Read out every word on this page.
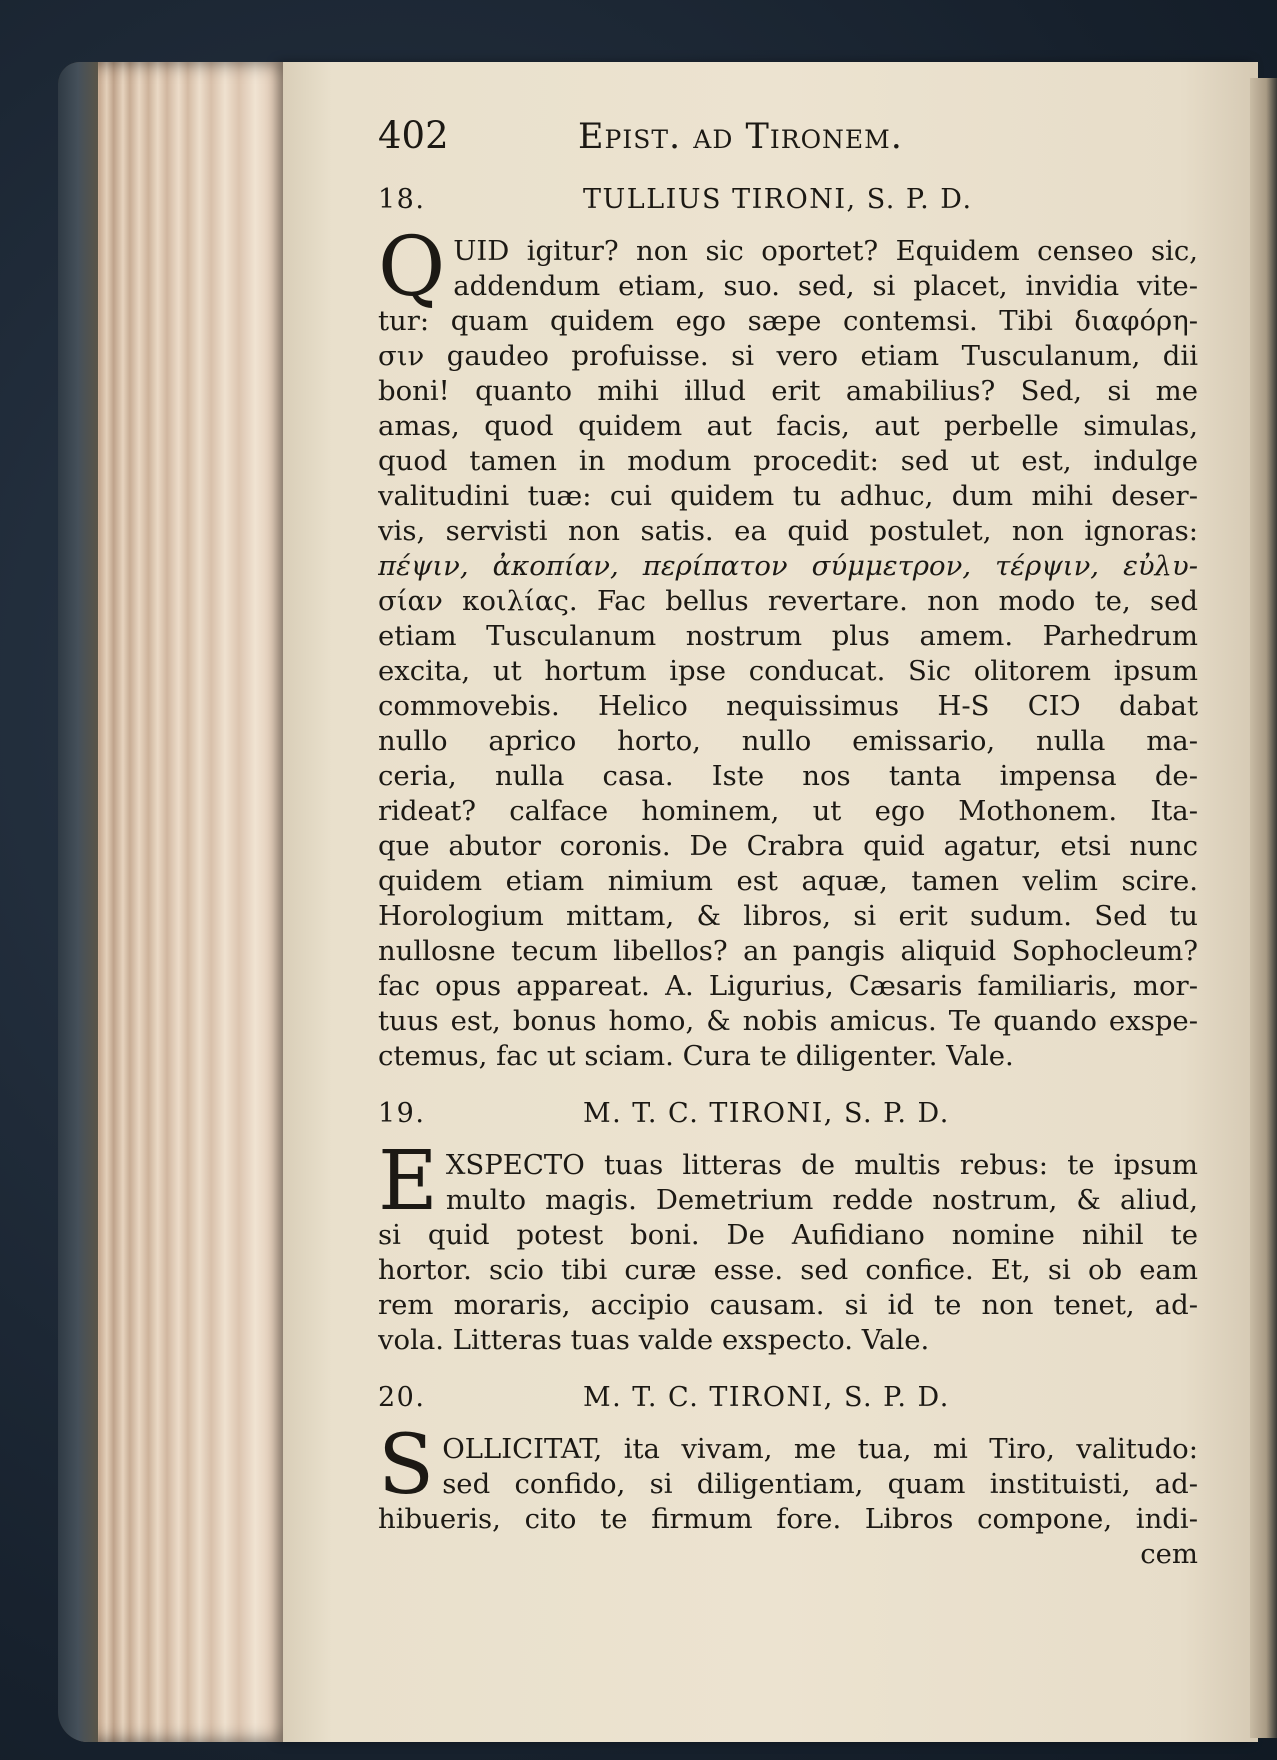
402	Epist. ad Tironem.
18.	TULLIUS TIRONI, S. P. D.
Q UID igitur? non sic oportet? Equidem censeo sic,
addendum etiam, suo. sed, si placet, invidia vite-
tur: quam quidem ego sæpe contemsi. Tibi διαφόρη-
σιν gaudeo profuisse. si vero etiam Tusculanum, dii
boni! quanto mihi illud erit amabilius? Sed, si me
amas, quod quidem aut facis, aut perbelle simulas,
quod tamen in modum procedit: sed ut est, indulge
valitudini tuæ: cui quidem tu adhuc, dum mihi deser-
vis, servisti non satis. ea quid postulet, non ignoras:
πέψιν, ἀκοπίαν, περίπατον σύμμετρον, τέρψιν, εὐλυ-
σίαν κοιλίας. Fac bellus revertare. non modo te, sed
etiam Tusculanum nostrum plus amem. Parhedrum
excita, ut hortum ipse conducat. Sic olitorem ipsum
commovebis. Helico nequissimus H-S CIↃ dabat
nullo aprico horto, nullo emissario, nulla ma-
ceria, nulla casa. Iste nos tanta impensa de-
rideat? calface hominem, ut ego Mothonem. Ita-
que abutor coronis. De Crabra quid agatur, etsi nunc
quidem etiam nimium est aquæ, tamen velim scire.
Horologium mittam, & libros, si erit sudum. Sed tu
nullosne tecum libellos? an pangis aliquid Sophocleum?
fac opus appareat. A. Ligurius, Cæsaris familiaris, mor-
tuus est, bonus homo, & nobis amicus. Te quando exspe-
ctemus, fac ut sciam. Cura te diligenter. Vale.
19.	M. T. C. TIRONI, S. P. D.
E XSPECTO tuas litteras de multis rebus: te ipsum
multo magis. Demetrium redde nostrum, & aliud,
si quid potest boni. De Aufidiano nomine nihil te
hortor. scio tibi curæ esse. sed confice. Et, si ob eam
rem moraris, accipio causam. si id te non tenet, ad-
vola. Litteras tuas valde exspecto. Vale.
20.	M. T. C. TIRONI, S. P. D.
S OLLICITAT, ita vivam, me tua, mi Tiro, valitudo:
sed confido, si diligentiam, quam instituisti, ad-
hibueris, cito te firmum fore. Libros compone, indi-
cem
